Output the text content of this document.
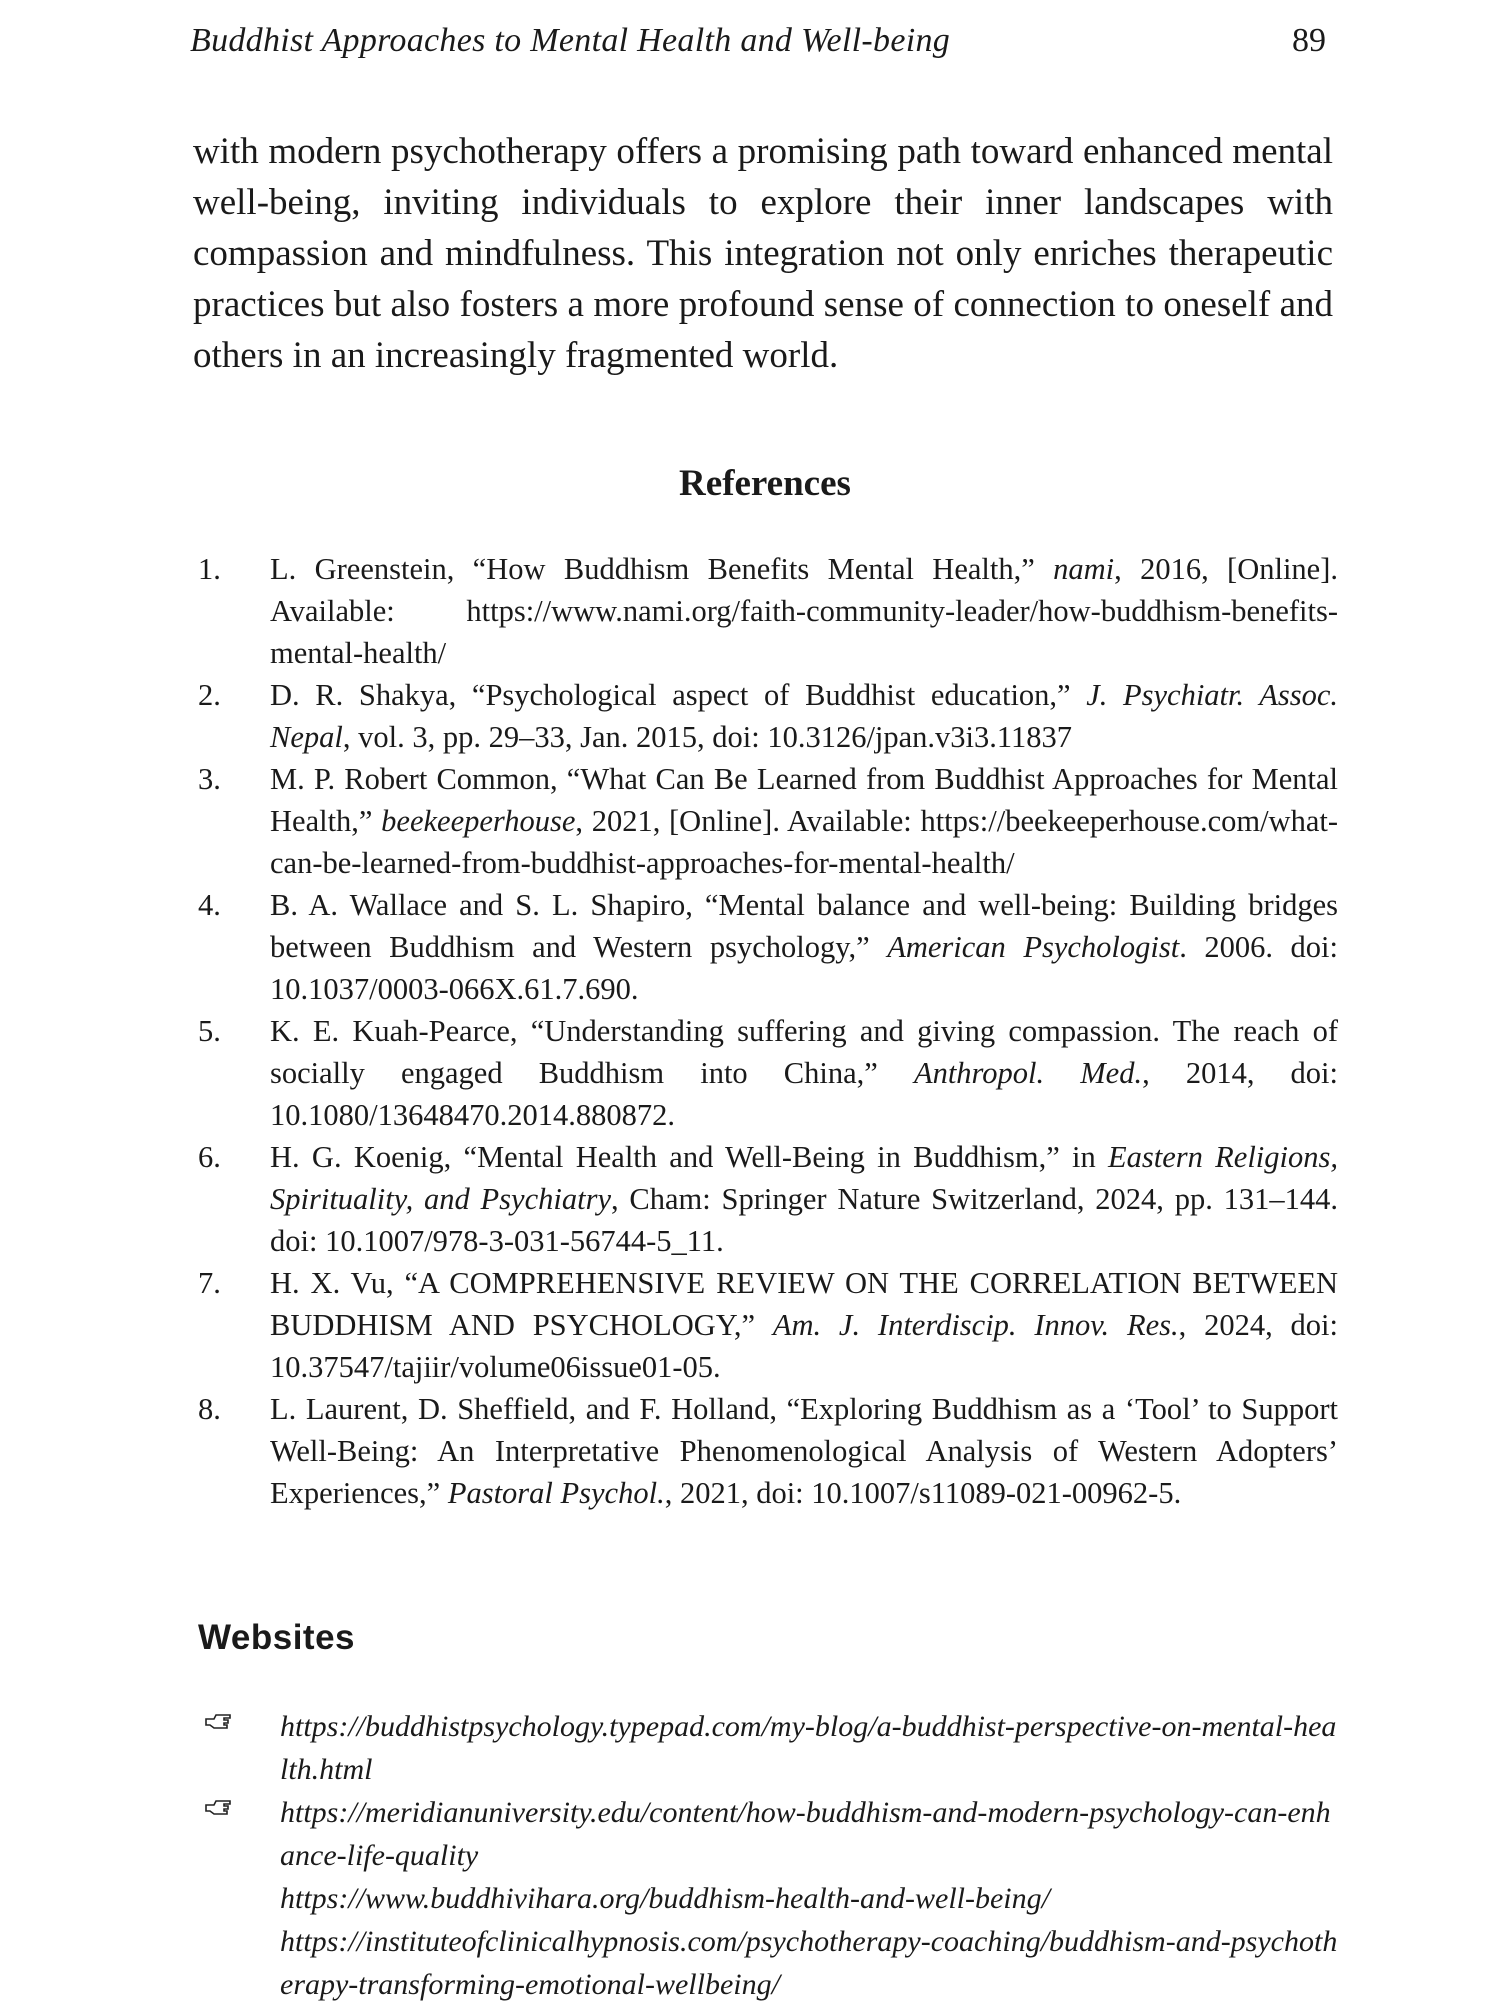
Buddhist Approaches to Mental Health and Well-being	89

with modern psychotherapy offers a promising path toward enhanced mental well-being, inviting individuals to explore their inner landscapes with compassion and mindfulness. This integration not only enriches therapeutic practices but also fosters a more profound sense of connection to oneself and others in an increasingly fragmented world.

References
1. L. Greenstein, “How Buddhism Benefits Mental Health,” nami, 2016, [Online]. Available: https://www.nami.org/faith-community-leader/how-buddhism-benefits-mental-health/
2. D. R. Shakya, “Psychological aspect of Buddhist education,” J. Psychiatr. Assoc. Nepal, vol. 3, pp. 29–33, Jan. 2015, doi: 10.3126/jpan.v3i3.11837
3. M. P. Robert Common, “What Can Be Learned from Buddhist Approaches for Mental Health,” beekeeperhouse, 2021, [Online]. Available: https://beekeeperhouse.com/what-can-be-learned-from-buddhist-approaches-for-mental-health/
4. B. A. Wallace and S. L. Shapiro, “Mental balance and well-being: Building bridges between Buddhism and Western psychology,” American Psychologist. 2006. doi: 10.1037/0003-066X.61.7.690.
5. K. E. Kuah-Pearce, “Understanding suffering and giving compassion. The reach of socially engaged Buddhism into China,” Anthropol. Med., 2014, doi: 10.1080/13648470.2014.880872.
6. H. G. Koenig, “Mental Health and Well-Being in Buddhism,” in Eastern Religions, Spirituality, and Psychiatry, Cham: Springer Nature Switzerland, 2024, pp. 131–144. doi: 10.1007/978-3-031-56744-5_11.
7. H. X. Vu, “A COMPREHENSIVE REVIEW ON THE CORRELATION BETWEEN BUDDHISM AND PSYCHOLOGY,” Am. J. Interdiscip. Innov. Res., 2024, doi: 10.37547/tajiir/volume06issue01-05.
8. L. Laurent, D. Sheffield, and F. Holland, “Exploring Buddhism as a ‘Tool’ to Support Well-Being: An Interpretative Phenomenological Analysis of Western Adopters’ Experiences,” Pastoral Psychol., 2021, doi: 10.1007/s11089-021-00962-5.
Websites
https://buddhistpsychology.typepad.com/my-blog/a-buddhist-perspective-on-mental-health.html
https://meridianuniversity.edu/content/how-buddhism-and-modern-psychology-can-enhance-life-quality
https://www.buddhivihara.org/buddhism-health-and-well-being/
https://instituteofclinicalhypnosis.com/psychotherapy-coaching/buddhism-and-psychotherapy-transforming-emotional-wellbeing/
